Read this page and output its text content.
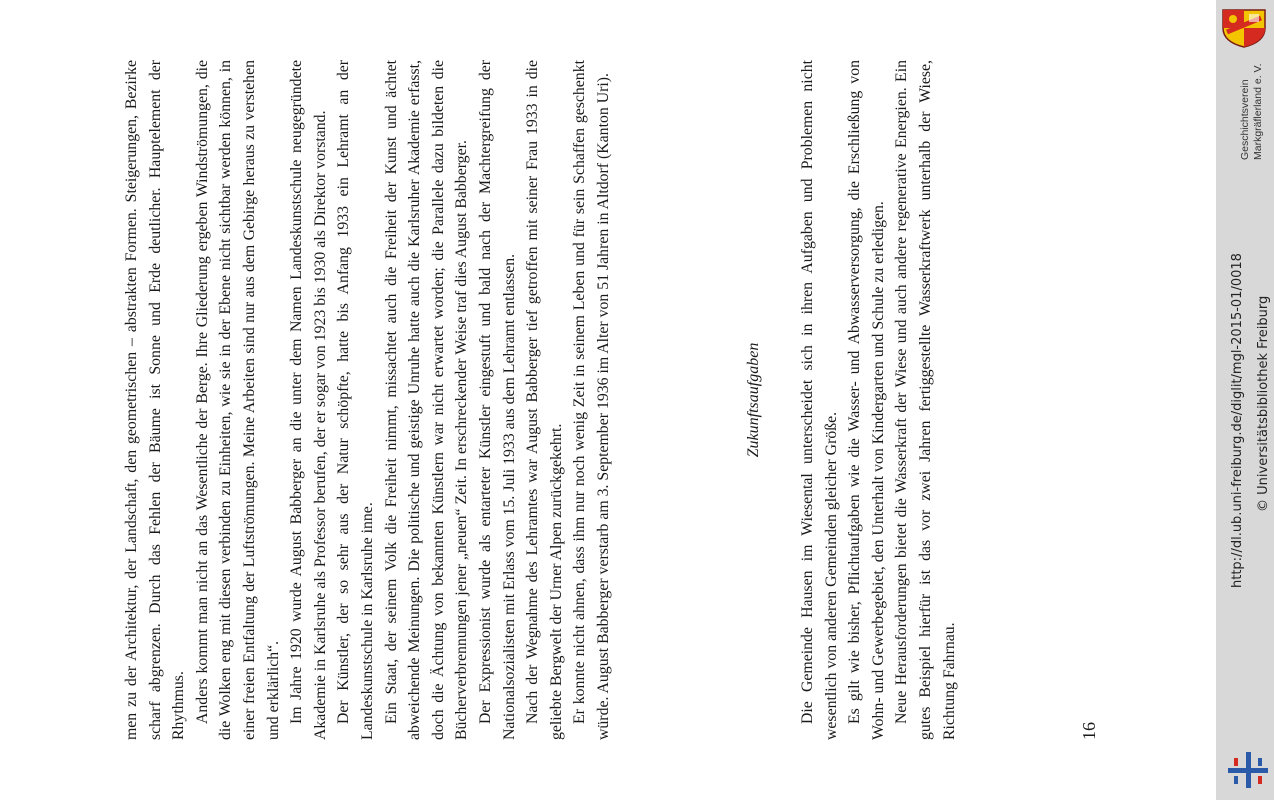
men zu der Architektur, der Landschaft, den geometrischen – abstrakten Formen. Steigerungen, Bezirke scharf abgrenzen. Durch das Fehlen der Bäume ist Sonne und Erde deutlicher. Hauptelement der Rhythmus. Anders kommt man nicht an das Wesentliche der Berge. Ihre Gliederung ergeben Windströmungen, die die Wolken eng mit diesen verbinden zu Einheiten, wie sie in der Ebene nicht sichtbar werden können, in einer freien Entfaltung der Luftströmungen. Meine Arbeiten sind nur aus dem Gebirge heraus zu verstehen und erklärlich“. Im Jahre 1920 wurde August Babberger an die unter dem Namen Landeskunstschule neugegründete Akademie in Karlsruhe als Professor berufen, der er sogar von 1923 bis 1930 als Direktor vorstand. Der Künstler, der so sehr aus der Natur schöpfte, hatte bis Anfang 1933 ein Lehramt an der Landeskunstschule in Karlsruhe inne. Ein Staat, der seinem Volk die Freiheit nimmt, missachtet auch die Freiheit der Kunst und ächtet abweichende Meinungen. Die politische und geistige Unruhe hatte auch die Karlsruher Akademie erfasst, doch die Ächtung von bekannten Künstlern war nicht erwartet worden; die Parallele dazu bildeten die Bücherverbrennungen jener „neuen“ Zeit. In erschreckender Weise traf dies August Babberger. Der Expressionist wurde als entarteter Künstler eingestuft und bald nach der Machtergreifung der Nationalsozialisten mit Erlass vom 15. Juli 1933 aus dem Lehramt entlassen. Nach der Wegnahme des Lehramtes war August Babberger tief getroffen mit seiner Frau 1933 in die geliebte Bergwelt der Urner Alpen zurückgekehrt. Er konnte nicht ahnen, dass ihm nur noch wenig Zeit in seinem Leben und für sein Schaffen geschenkt würde. August Babberger verstarb am 3. September 1936 im Alter von 51 Jahren in Altdorf (Kanton Uri).	Zukunftsaufgaben Die Gemeinde Hausen im Wiesental unterscheidet sich in ihren Aufgaben und Problemen nicht wesentlich von anderen Gemeinden gleicher Größe. Es gilt wie bisher, Pflichtaufgaben wie die Wasser- und Abwasserversorgung, die Erschließung von Wohn- und Gewerbegebiet, den Unterhalt von Kindergarten und Schule zu erledigen. Neue Herausforderungen bietet die Wasserkraft der Wiese und auch andere regenerative Energien. Ein gutes Beispiel hierfür ist das vor zwei Jahren fertiggestellte Wasserkraftwerk unterhalb der Wiese, Richtung Fahrnau.	16
Geschichtsverein Markgräflerland e. V.
http://dl.ub.uni-freiburg.de/diglit/mgl-2015-01/0018 © Universitätsbibliothek Freiburg
